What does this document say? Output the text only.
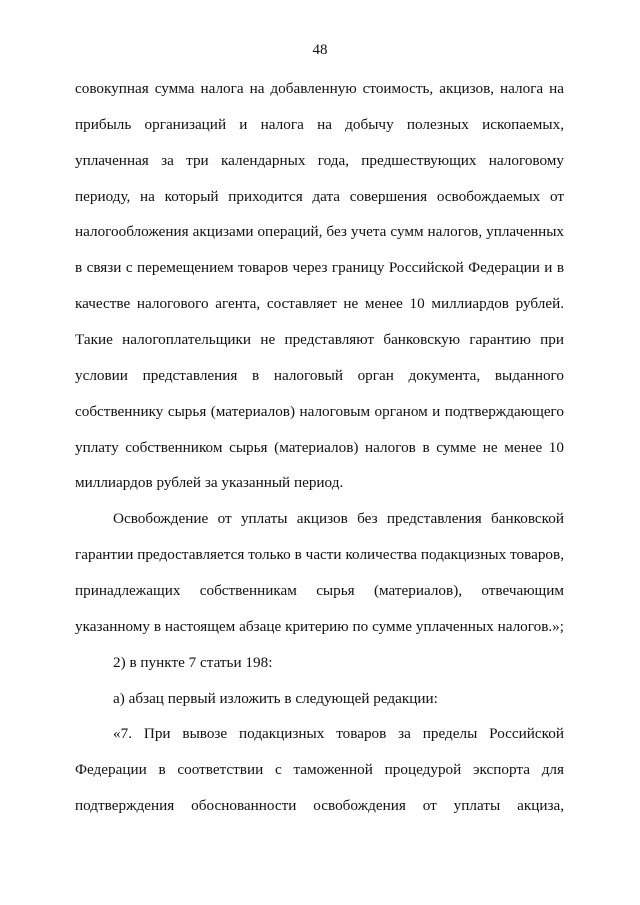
48
совокупная сумма налога на добавленную стоимость, акцизов, налога на
прибыль организаций и налога на добычу полезных ископаемых,
уплаченная за три календарных года, предшествующих налоговому
периоду, на который приходится дата совершения освобождаемых от
налогообложения акцизами операций, без учета сумм налогов, уплаченных
в связи с перемещением товаров через границу Российской Федерации и в
качестве налогового агента, составляет не менее 10 миллиардов рублей.
Такие налогоплательщики не представляют банковскую гарантию при
условии представления в налоговый орган документа, выданного
собственнику сырья (материалов) налоговым органом и подтверждающего
уплату собственником сырья (материалов) налогов в сумме не менее 10
миллиардов рублей за указанный период.
Освобождение от уплаты акцизов без представления банковской
гарантии предоставляется только в части количества подакцизных товаров,
принадлежащих собственникам сырья (материалов), отвечающим
указанному в настоящем абзаце критерию по сумме уплаченных налогов.»;
2) в пункте 7 статьи 198:
а) абзац первый изложить в следующей редакции:
«7. При вывозе подакцизных товаров за пределы Российской
Федерации в соответствии с таможенной процедурой экспорта для
подтверждения обоснованности освобождения от уплаты акциза,
